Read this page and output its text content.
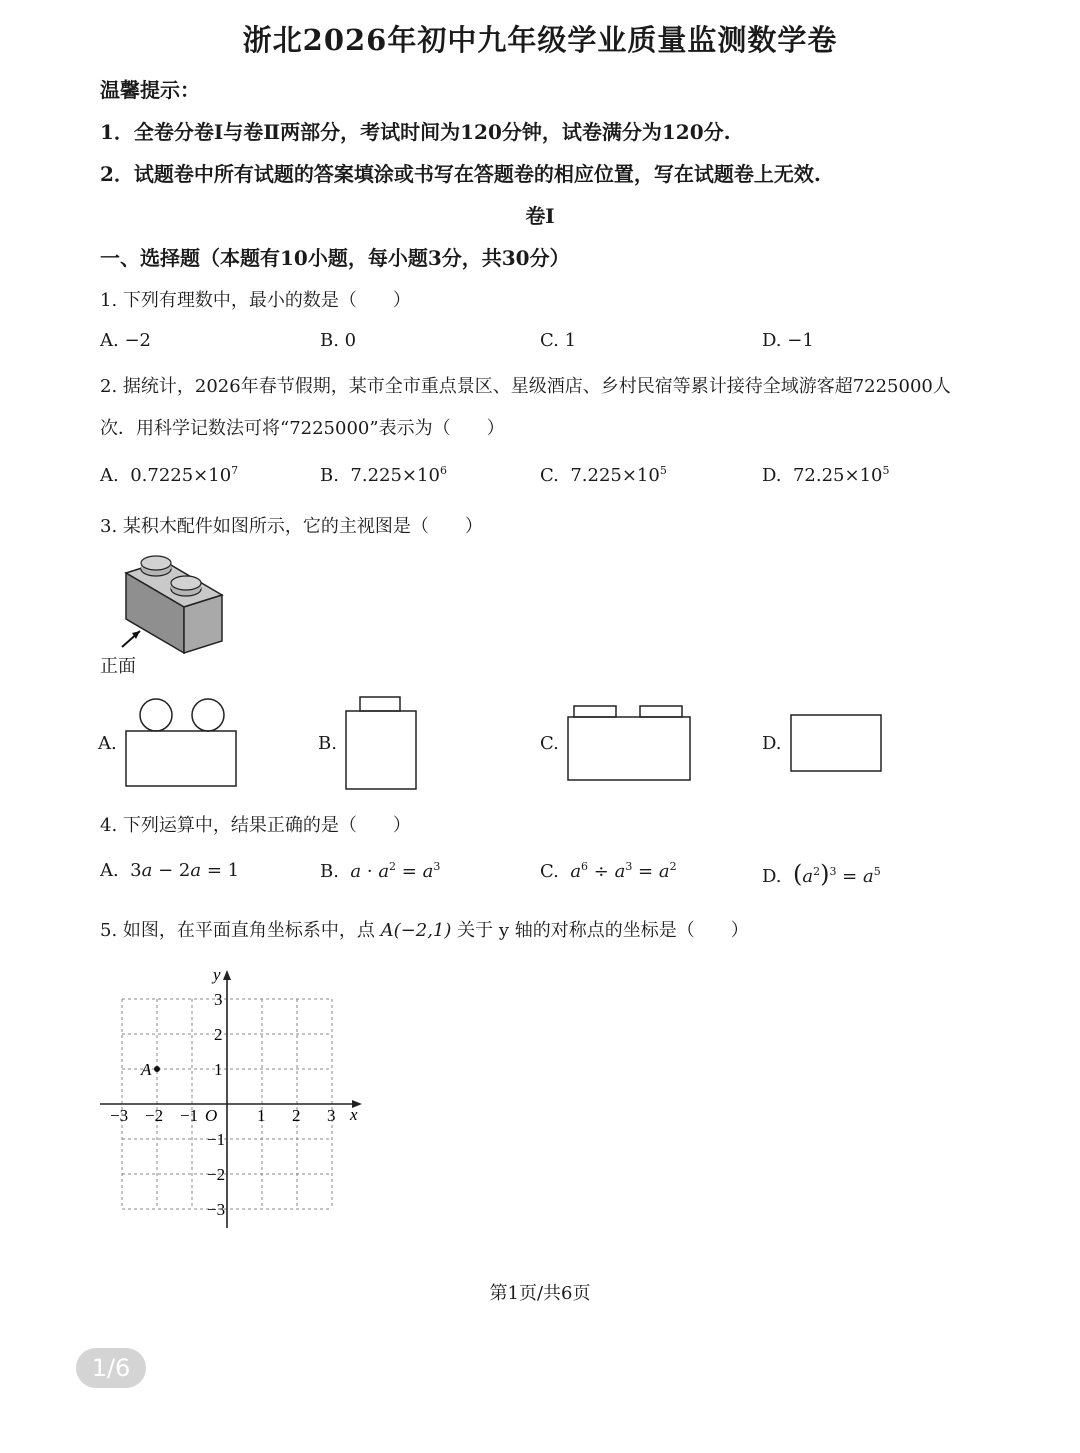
浙北2026年初中九年级学业质量监测数学卷
温馨提示：
1．全卷分卷Ⅰ与卷Ⅱ两部分，考试时间为120分钟，试卷满分为120分.
2．试题卷中所有试题的答案填涂或书写在答题卷的相应位置，写在试题卷上无效.
卷Ⅰ
一、选择题（本题有10小题，每小题3分，共30分）
1. 下列有理数中，最小的数是（　　）
A. −2	B. 0	C. 1	D. −1
2. 据统计，2026年春节假期，某市全市重点景区、星级酒店、乡村民宿等累计接待全域游客超7225000人
次．用科学记数法可将“7225000”表示为（　　）
A. $0.7225\times 10^7$	B. $7.225\times 10^6$	C. $7.225\times 10^5$	D. $72.25\times 10^5$
3. 某积木配件如图所示，它的主视图是（　　）
正面
A.	B.	C.	D.
4. 下列运算中，结果正确的是（　　）
A.  3a − 2a = 1	B. $a \cdot a^2 = a^3$	C. $a^6 \div a^3 = a^2$	D. $(a^2)^3 = a^5$
5. 如图，在平面直角坐标系中，点 A(−2,1) 关于 y 轴的对称点的坐标是（　　）
−3 −2 −1	1 2 3
3
2
1
−1
−2
−3
x
y
O
A
第1页/共6页
1/6
